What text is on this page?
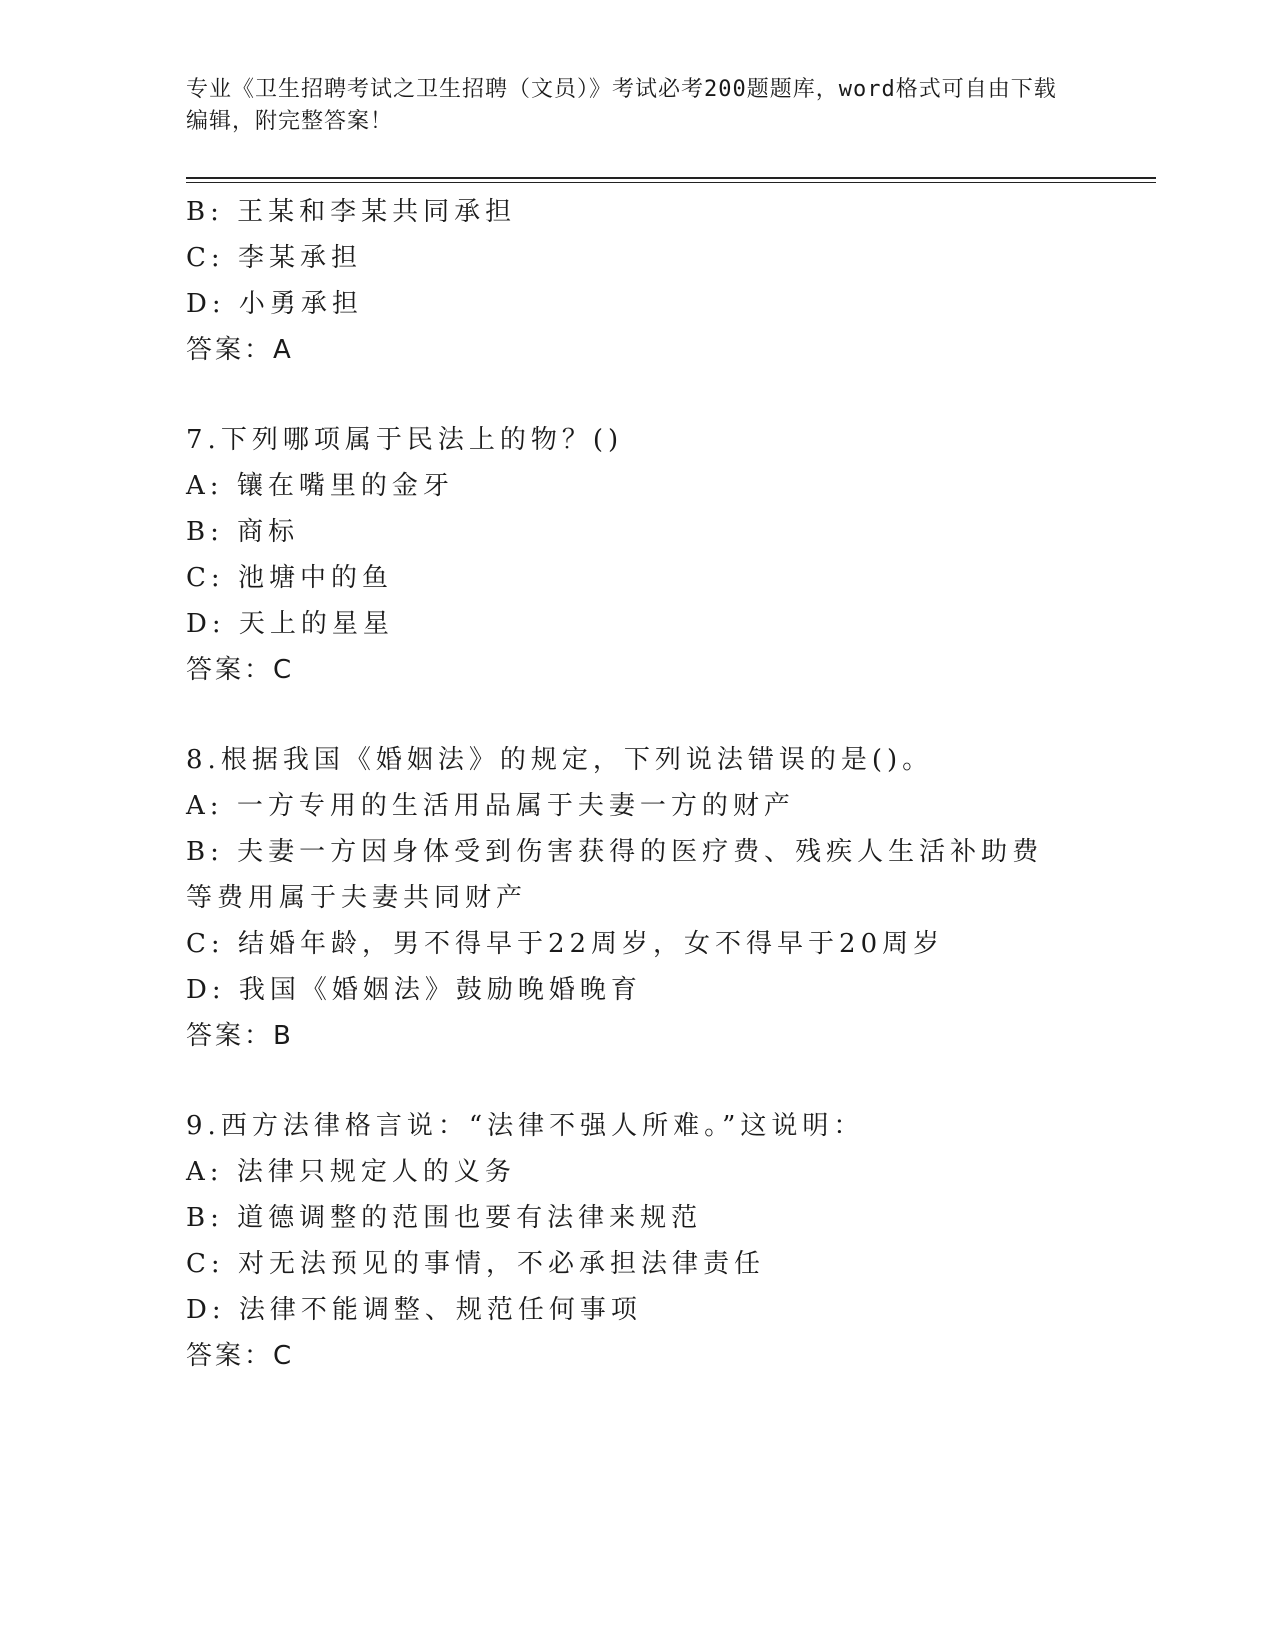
专业《卫生招聘考试之卫生招聘（文员）》考试必考200题题库，word格式可自由下载编辑，附完整答案！
B: 王某和李某共同承担
C: 李某承担
D: 小勇承担
答案：A
7.下列哪项属于民法上的物？()
A: 镶在嘴里的金牙
B: 商标
C: 池塘中的鱼
D: 天上的星星
答案：C
8.根据我国《婚姻法》的规定，下列说法错误的是()。
A: 一方专用的生活用品属于夫妻一方的财产
B: 夫妻一方因身体受到伤害获得的医疗费、残疾人生活补助费等费用属于夫妻共同财产
C: 结婚年龄，男不得早于22周岁，女不得早于20周岁
D: 我国《婚姻法》鼓励晚婚晚育
答案：B
9.西方法律格言说：“法律不强人所难。”这说明：
A: 法律只规定人的义务
B: 道德调整的范围也要有法律来规范
C: 对无法预见的事情，不必承担法律责任
D: 法律不能调整、规范任何事项
答案：C
